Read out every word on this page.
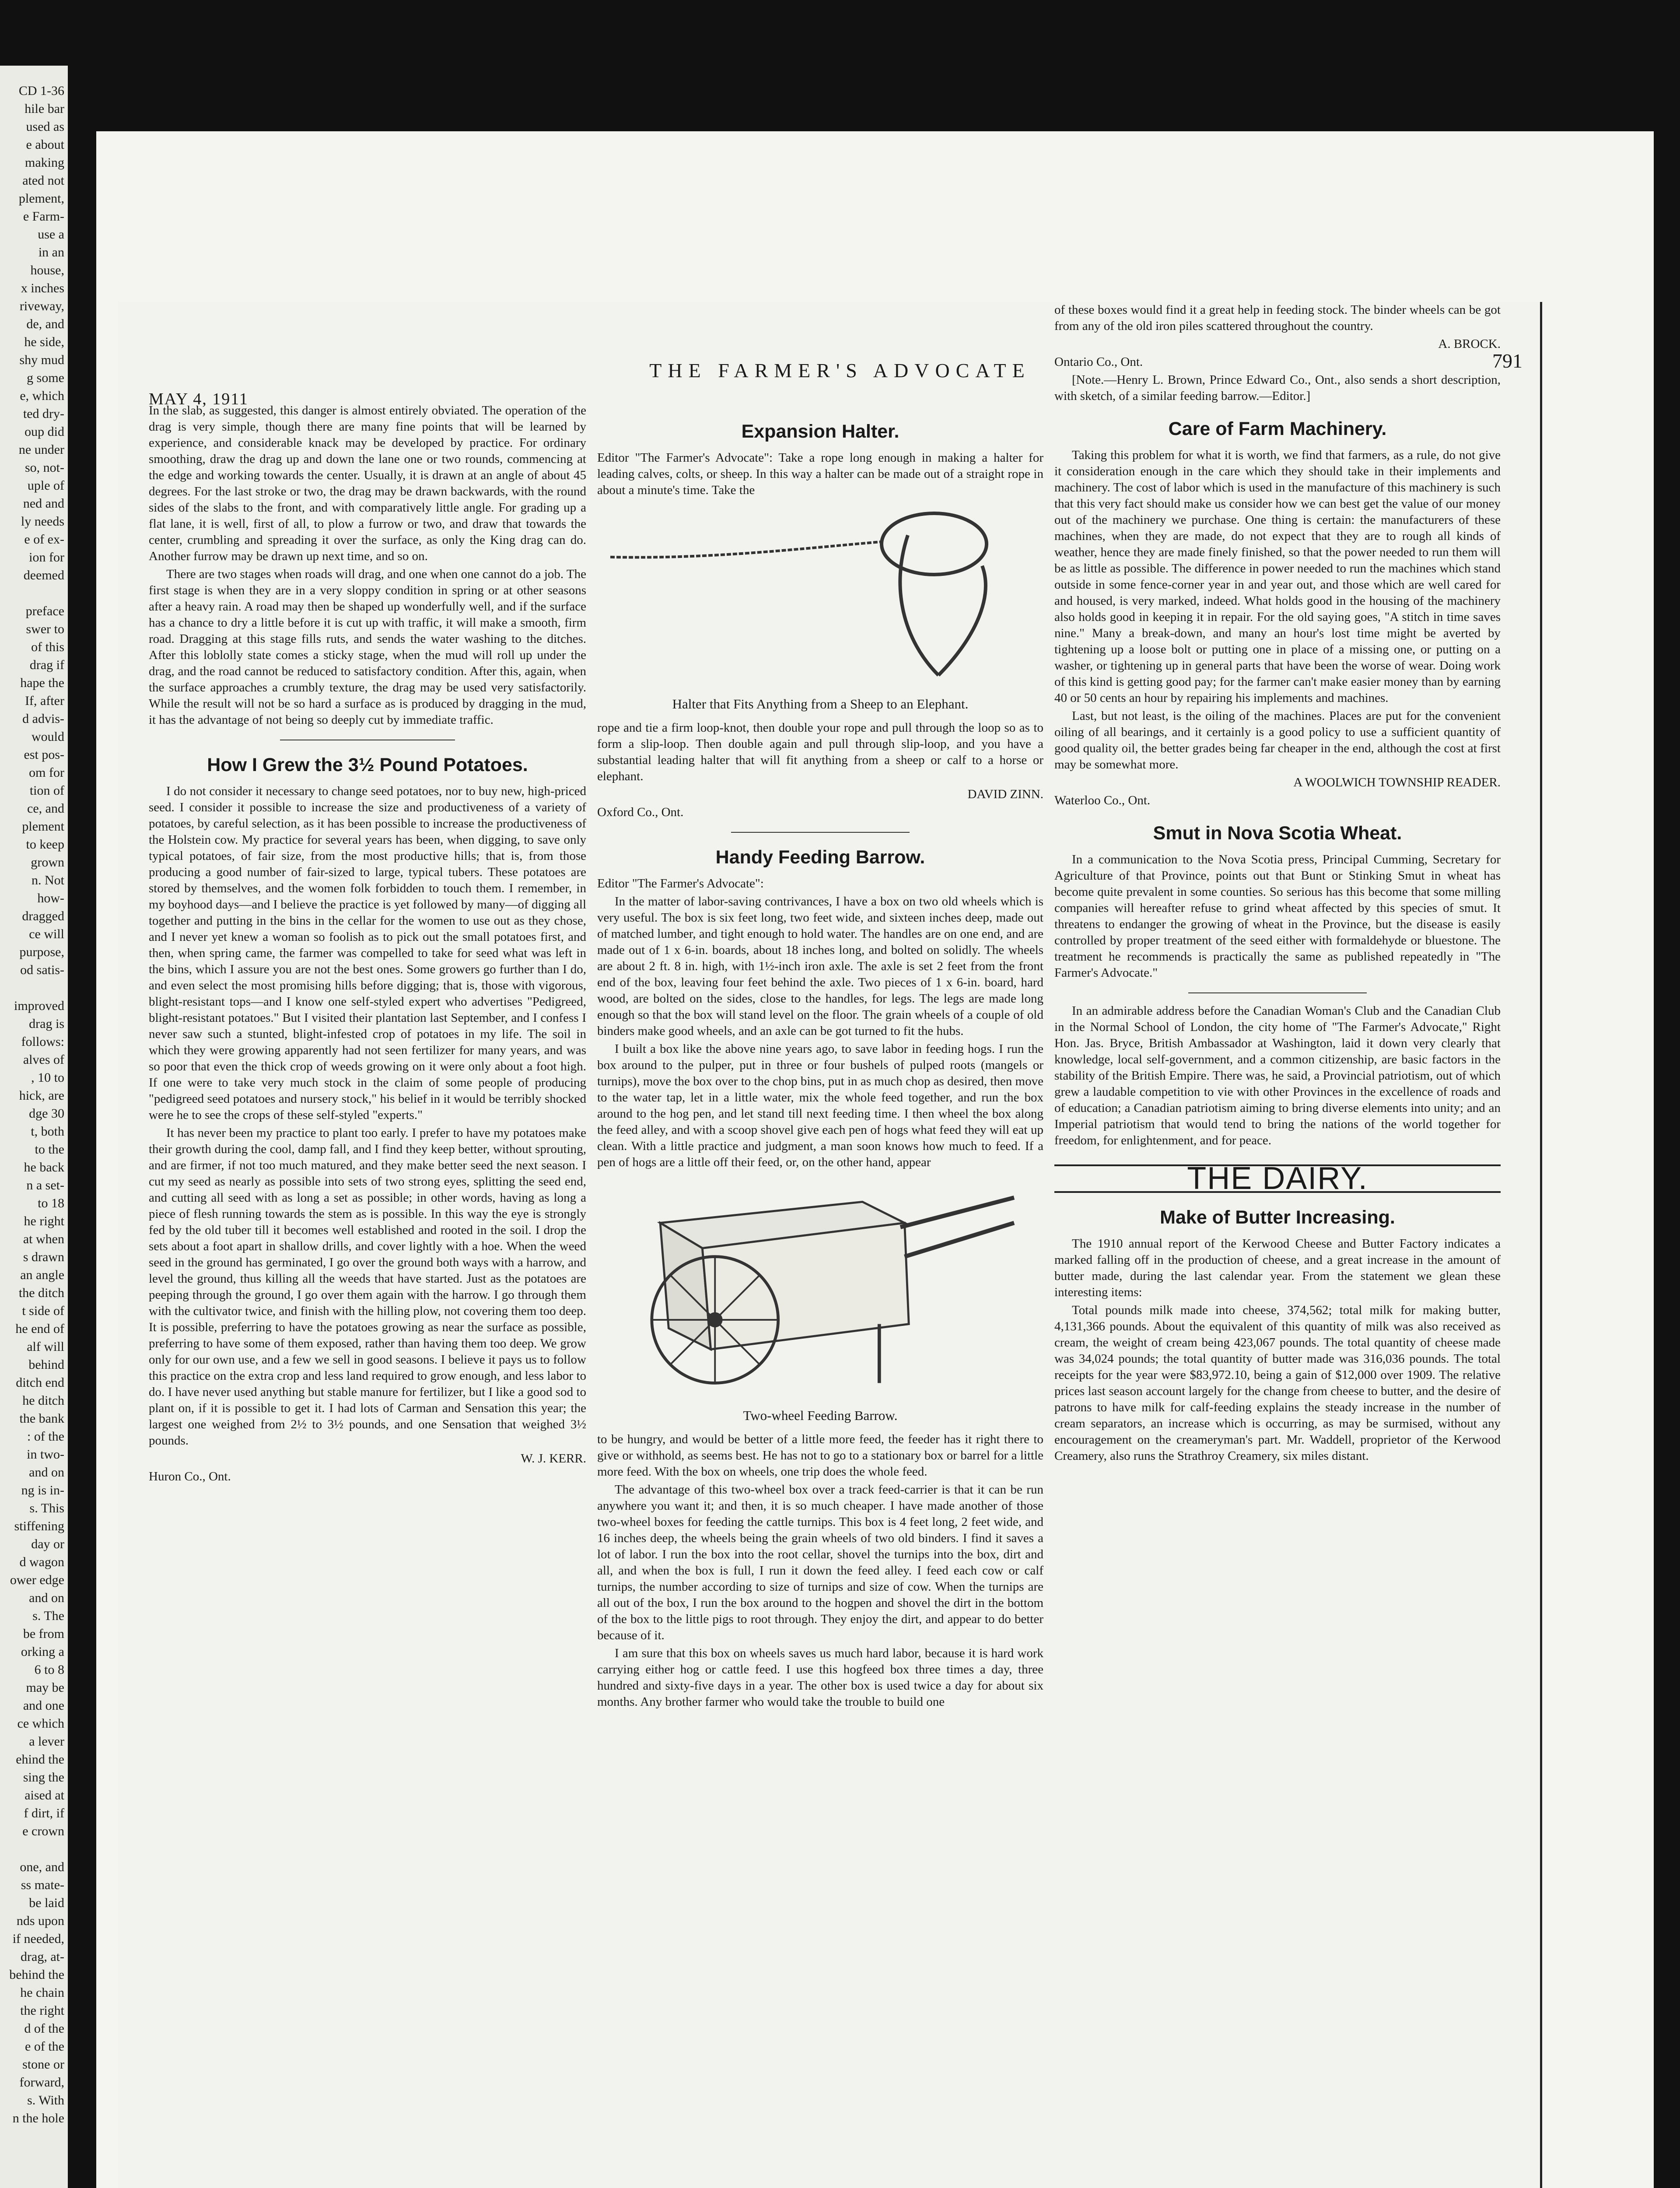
CD 1-36
hile bar
used as
e about
making
ated not
plement,
e Farm-
use a
in an
house,
x inches
riveway,
de, and
he side,
shy mud
g some
e, which
ted dry-
oup did
ne under
so, not-
uple of
ned and
ly needs
e of ex-
ion for
deemed
preface
swer to
of this
drag if
hape the
If, after
d advis-
would
est pos-
om for
tion of
ce, and
plement
to keep
grown
n. Not
how-
dragged
ce will
purpose,
od satis-
improved
drag is
follows:
alves of
, 10 to
hick, are
dge 30
t, both
to the
he back
n a set-
to 18
he right
at when
s drawn
an angle
the ditch
t side of
he end of
alf will
behind
ditch end
he ditch
the bank
: of the
in two-
and on
ng is in-
s. This
stiffening
day or
d wagon
ower edge
and on
s. The
be from
orking a
6 to 8
may be
and one
ce which
a lever
ehind the
sing the
aised at
f dirt, if
e crown
one, and
ss mate-
be laid
nds upon
if needed,
drag, at-
behind the
he chain
the right
d of the
e of the
stone or
forward,
s. With
n the hole
MAY 4, 1911
THE FARMER'S ADVOCATE	791

In the slab, as suggested, this danger is almost entirely obviated. The operation of the drag is very simple, though there are many fine points that will be learned by experience, and considerable knack may be developed by practice. For ordinary smoothing, draw the drag up and down the lane one or two rounds, commencing at the edge and working towards the center. Usually, it is drawn at an angle of about 45 degrees. For the last stroke or two, the drag may be drawn backwards, with the round sides of the slabs to the front, and with comparatively little angle. For grading up a flat lane, it is well, first of all, to plow a furrow or two, and draw that towards the center, crumbling and spreading it over the surface, as only the King drag can do. Another furrow may be drawn up next time, and so on.

There are two stages when roads will drag, and one when one cannot do a job. The first stage is when they are in a very sloppy condition in spring or at other seasons after a heavy rain. A road may then be shaped up wonderfully well, and if the surface has a chance to dry a little before it is cut up with traffic, it will make a smooth, firm road. Dragging at this stage fills ruts, and sends the water washing to the ditches. After this loblolly state comes a sticky stage, when the mud will roll up under the drag, and the road cannot be reduced to satisfactory condition. After this, again, when the surface approaches a crumbly texture, the drag may be used very satisfactorily. While the result will not be so hard a surface as is produced by dragging in the mud, it has the advantage of not being so deeply cut by immediate traffic.

How I Grew the 3½ Pound Potatoes.

I do not consider it necessary to change seed potatoes, nor to buy new, high-priced seed. I consider it possible to increase the size and productiveness of a variety of potatoes, by careful selection, as it has been possible to increase the productiveness of the Holstein cow. My practice for several years has been, when digging, to save only typical potatoes, of fair size, from the most productive hills; that is, from those producing a good number of fair-sized to large, typical tubers. These potatoes are stored by themselves, and the women folk forbidden to touch them. I remember, in my boyhood days—and I believe the practice is yet followed by many—of digging all together and putting in the bins in the cellar for the women to use out as they chose, and I never yet knew a woman so foolish as to pick out the small potatoes first, and then, when spring came, the farmer was compelled to take for seed what was left in the bins, which I assure you are not the best ones. Some growers go further than I do, and even select the most promising hills before digging; that is, those with vigorous, blight-resistant tops—and I know one self-styled expert who advertises "Pedigreed, blight-resistant potatoes." But I visited their plantation last September, and I confess I never saw such a stunted, blight-infested crop of potatoes in my life. The soil in which they were growing apparently had not seen fertilizer for many years, and was so poor that even the thick crop of weeds growing on it were only about a foot high. If one were to take very much stock in the claim of some people of producing "pedigreed seed potatoes and nursery stock," his belief in it would be terribly shocked were he to see the crops of these self-styled "experts."

It has never been my practice to plant too early. I prefer to have my potatoes make their growth during the cool, damp fall, and I find they keep better, without sprouting, and are firmer, if not too much matured, and they make better seed the next season. I cut my seed as nearly as possible into sets of two strong eyes, splitting the seed end, and cutting all seed with as long a set as possible; in other words, having as long a piece of flesh running towards the stem as is possible. In this way the eye is strongly fed by the old tuber till it becomes well established and rooted in the soil. I drop the sets about a foot apart in shallow drills, and cover lightly with a hoe. When the weed seed in the ground has germinated, I go over the ground both ways with a harrow, and level the ground, thus killing all the weeds that have started. Just as the potatoes are peeping through the ground, I go over them again with the harrow. I go through them with the cultivator twice, and finish with the hilling plow, not covering them too deep. It is possible, preferring to have the potatoes growing as near the surface as possible, preferring to have some of them exposed, rather than having them too deep. We grow only for our own use, and a few we sell in good seasons. I believe it pays us to follow this practice on the extra crop and less land required to grow enough, and less labor to do. I have never used anything but stable manure for fertilizer, but I like a good sod to plant on, if it is possible to get it. I had lots of Carman and Sensation this year; the largest one weighed from 2½ to 3½ pounds, and one Sensation that weighed 3½ pounds.

W. J. KERR.

Huron Co., Ont.

Expansion Halter.

Editor "The Farmer's Advocate": Take a rope long enough in making a halter for leading calves, colts, or sheep. In this way a halter can be made out of a straight rope in about a minute's time. Take the

Halter that Fits Anything from a Sheep to an Elephant.

rope and tie a firm loop-knot, then double your rope and pull through the loop so as to form a slip-loop. Then double again and pull through slip-loop, and you have a substantial leading halter that will fit anything from a sheep or calf to a horse or elephant.

DAVID ZINN.

Oxford Co., Ont.

Handy Feeding Barrow.

Editor "The Farmer's Advocate":

In the matter of labor-saving contrivances, I have a box on two old wheels which is very useful. The box is six feet long, two feet wide, and sixteen inches deep, made out of matched lumber, and tight enough to hold water. The handles are on one end, and are made out of 1 x 6-in. boards, about 18 inches long, and bolted on solidly. The wheels are about 2 ft. 8 in. high, with 1½-inch iron axle. The axle is set 2 feet from the front end of the box, leaving four feet behind the axle. Two pieces of 1 x 6-in. board, hard wood, are bolted on the sides, close to the handles, for legs. The legs are made long enough so that the box will stand level on the floor. The grain wheels of a couple of old binders make good wheels, and an axle can be got turned to fit the hubs.

I built a box like the above nine years ago, to save labor in feeding hogs. I run the box around to the pulper, put in three or four bushels of pulped roots (mangels or turnips), move the box over to the chop bins, put in as much chop as desired, then move to the water tap, let in a little water, mix the whole feed together, and run the box around to the hog pen, and let stand till next feeding time. I then wheel the box along the feed alley, and with a scoop shovel give each pen of hogs what feed they will eat up clean. With a little practice and judgment, a man soon knows how much to feed. If a pen of hogs are a little off their feed, or, on the other hand, appear

Two-wheel Feeding Barrow.

to be hungry, and would be better of a little more feed, the feeder has it right there to give or withhold, as seems best. He has not to go to a stationary box or barrel for a little more feed. With the box on wheels, one trip does the whole feed.

The advantage of this two-wheel box over a track feed-carrier is that it can be run anywhere you want it; and then, it is so much cheaper. I have made another of those two-wheel boxes for feeding the cattle turnips. This box is 4 feet long, 2 feet wide, and 16 inches deep, the wheels being the grain wheels of two old binders. I find it saves a lot of labor. I run the box into the root cellar, shovel the turnips into the box, dirt and all, and when the box is full, I run it down the feed alley. I feed each cow or calf turnips, the number according to size of turnips and size of cow. When the turnips are all out of the box, I run the box around to the hogpen and shovel the dirt in the bottom of the box to the little pigs to root through. They enjoy the dirt, and appear to do better because of it.

I am sure that this box on wheels saves us much hard labor, because it is hard work carrying either hog or cattle feed. I use this hogfeed box three times a day, three hundred and sixty-five days in a year. The other box is used twice a day for about six months. Any brother farmer who would take the trouble to build one

of these boxes would find it a great help in feeding stock. The binder wheels can be got from any of the old iron piles scattered throughout the country.

A. BROCK.

Ontario Co., Ont.

[Note.—Henry L. Brown, Prince Edward Co., Ont., also sends a short description, with sketch, of a similar feeding barrow.—Editor.]

Care of Farm Machinery.

Taking this problem for what it is worth, we find that farmers, as a rule, do not give it consideration enough in the care which they should take in their implements and machinery. The cost of labor which is used in the manufacture of this machinery is such that this very fact should make us consider how we can best get the value of our money out of the machinery we purchase. One thing is certain: the manufacturers of these machines, when they are made, do not expect that they are to rough all kinds of weather, hence they are made finely finished, so that the power needed to run them will be as little as possible. The difference in power needed to run the machines which stand outside in some fence-corner year in and year out, and those which are well cared for and housed, is very marked, indeed. What holds good in the housing of the machinery also holds good in keeping it in repair. For the old saying goes, "A stitch in time saves nine." Many a break-down, and many an hour's lost time might be averted by tightening up a loose bolt or putting one in place of a missing one, or putting on a washer, or tightening up in general parts that have been the worse of wear. Doing work of this kind is getting good pay; for the farmer can't make easier money than by earning 40 or 50 cents an hour by repairing his implements and machines.

Last, but not least, is the oiling of the machines. Places are put for the convenient oiling of all bearings, and it certainly is a good policy to use a sufficient quantity of good quality oil, the better grades being far cheaper in the end, although the cost at first may be somewhat more.

A WOOLWICH TOWNSHIP READER.

Waterloo Co., Ont.

Smut in Nova Scotia Wheat.

In a communication to the Nova Scotia press, Principal Cumming, Secretary for Agriculture of that Province, points out that Bunt or Stinking Smut in wheat has become quite prevalent in some counties. So serious has this become that some milling companies will hereafter refuse to grind wheat affected by this species of smut. It threatens to endanger the growing of wheat in the Province, but the disease is easily controlled by proper treatment of the seed either with formaldehyde or bluestone. The treatment he recommends is practically the same as published repeatedly in "The Farmer's Advocate."

In an admirable address before the Canadian Woman's Club and the Canadian Club in the Normal School of London, the city home of "The Farmer's Advocate," Right Hon. Jas. Bryce, British Ambassador at Washington, laid it down very clearly that knowledge, local self-government, and a common citizenship, are basic factors in the stability of the British Empire. There was, he said, a Provincial patriotism, out of which grew a laudable competition to vie with other Provinces in the excellence of roads and of education; a Canadian patriotism aiming to bring diverse elements into unity; and an Imperial patriotism that would tend to bring the nations of the world together for freedom, for enlightenment, and for peace.

THE DAIRY.
Make of Butter Increasing.

The 1910 annual report of the Kerwood Cheese and Butter Factory indicates a marked falling off in the production of cheese, and a great increase in the amount of butter made, during the last calendar year. From the statement we glean these interesting items:

Total pounds milk made into cheese, 374,562; total milk for making butter, 4,131,366 pounds. About the equivalent of this quantity of milk was also received as cream, the weight of cream being 423,067 pounds. The total quantity of cheese made was 34,024 pounds; the total quantity of butter made was 316,036 pounds. The total receipts for the year were $83,972.10, being a gain of $12,000 over 1909. The relative prices last season account largely for the change from cheese to butter, and the desire of patrons to have milk for calf-feeding explains the steady increase in the number of cream separators, an increase which is occurring, as may be surmised, without any encouragement on the creameryman's part. Mr. Waddell, proprietor of the Kerwood Creamery, also runs the Strathroy Creamery, six miles distant.
